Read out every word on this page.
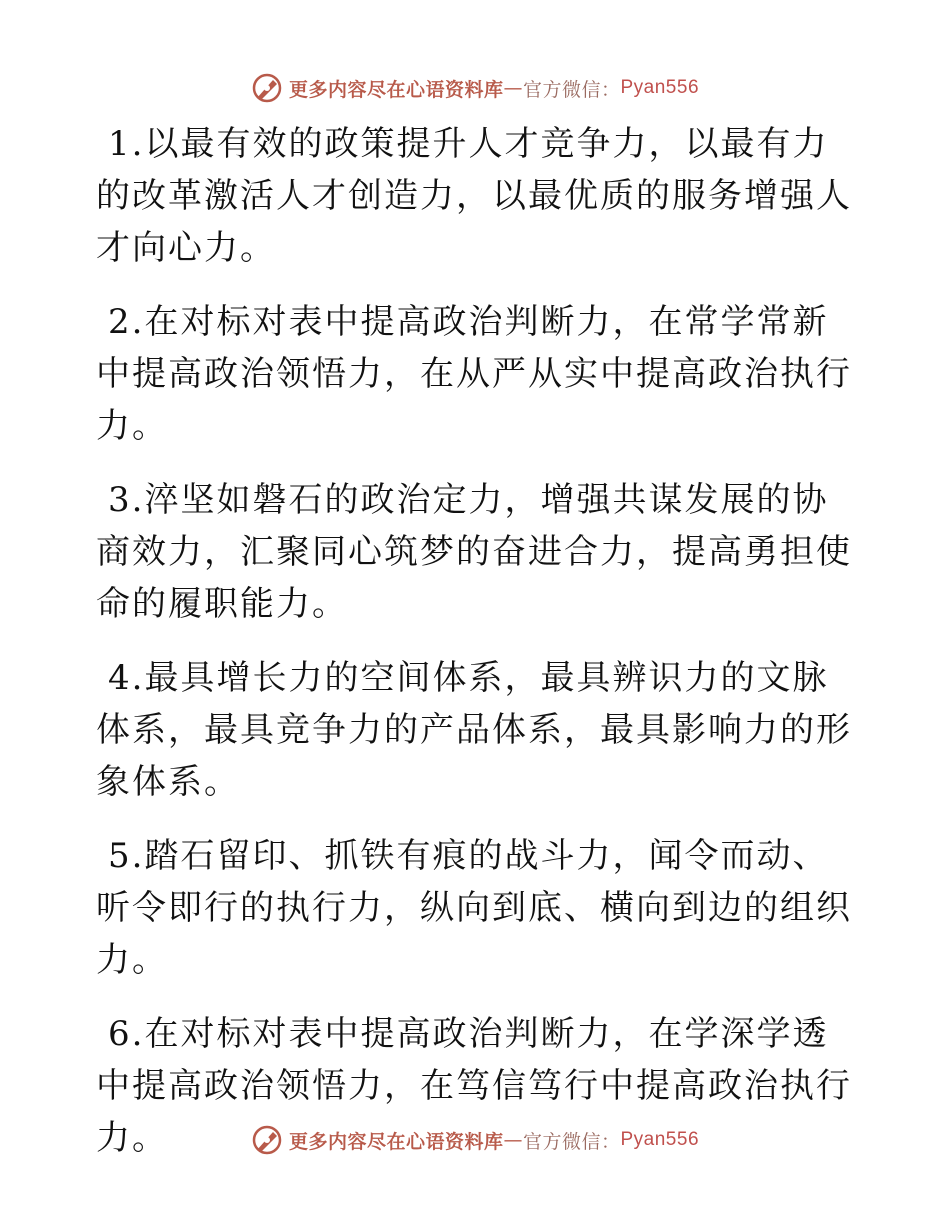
更多内容尽在心语资料库 — 官方微信： Pyan556

1.以最有效的政策提升人才竞争力，以最有力的改革激活人才创造力，以最优质的服务增强人才向心力。

2.在对标对表中提高政治判断力，在常学常新中提高政治领悟力，在从严从实中提高政治执行力。

3.淬坚如磐石的政治定力，增强共谋发展的协商效力，汇聚同心筑梦的奋进合力，提高勇担使命的履职能力。

4.最具增长力的空间体系，最具辨识力的文脉体系，最具竞争力的产品体系，最具影响力的形象体系。

5.踏石留印、抓铁有痕的战斗力，闻令而动、听令即行的执行力，纵向到底、横向到边的组织力。

6.在对标对表中提高政治判断力，在学深学透中提高政治领悟力，在笃信笃行中提高政治执行力。	更多内容尽在心语资料库 — 官方微信： Pyan556
